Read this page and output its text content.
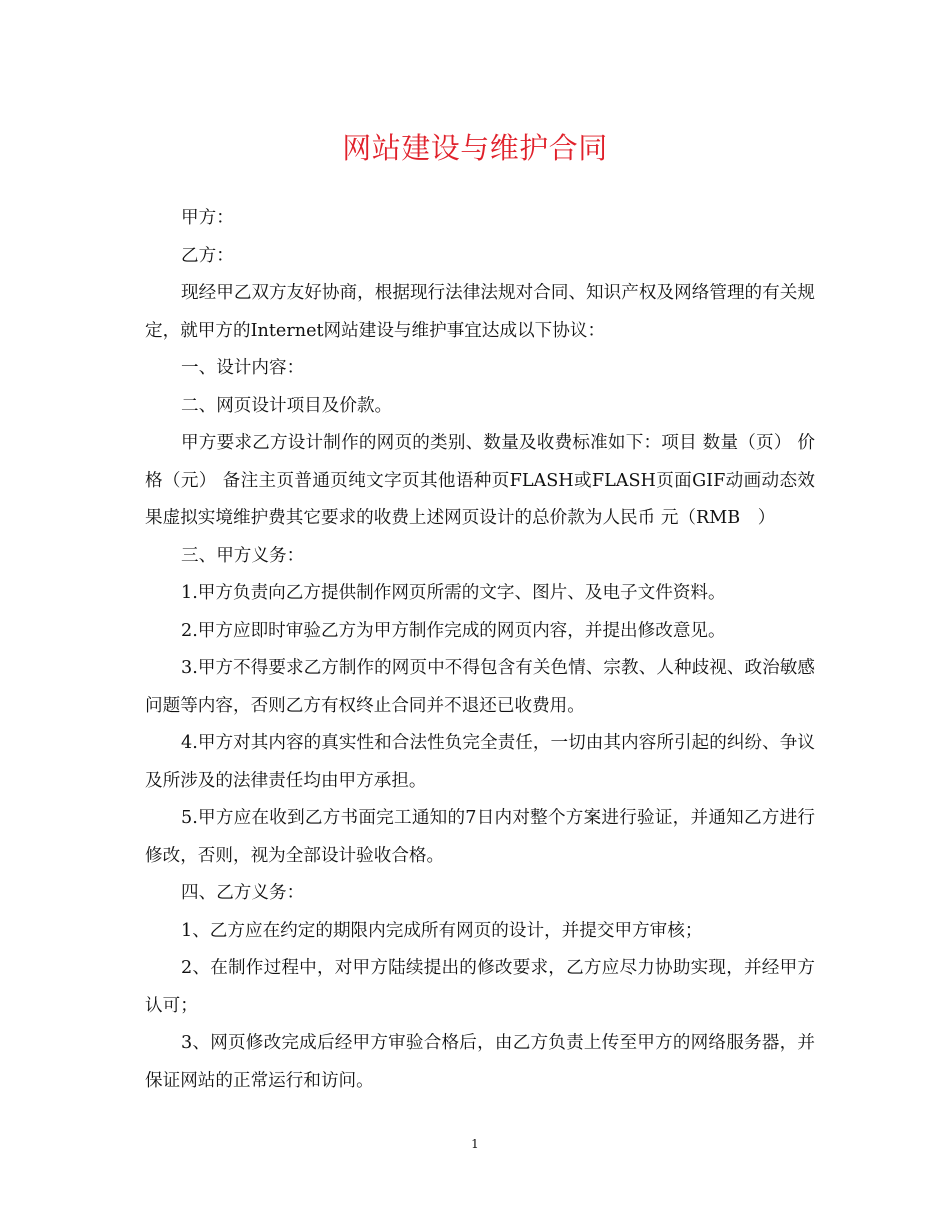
网站建设与维护合同

甲方：

乙方：

现经甲乙双方友好协商，根据现行法律法规对合同、知识产权及网络管理的有关规定，就甲方的Internet网站建设与维护事宜达成以下协议：

一、设计内容：

二、网页设计项目及价款。

甲方要求乙方设计制作的网页的类别、数量及收费标准如下：项目 数量（页） 价格（元） 备注主页普通页纯文字页其他语种页FLASH或FLASH页面GIF动画动态效果虚拟实境维护费其它要求的收费上述网页设计的总价款为人民币 元（RMB　）

三、甲方义务：

1.甲方负责向乙方提供制作网页所需的文字、图片、及电子文件资料。

2.甲方应即时审验乙方为甲方制作完成的网页内容，并提出修改意见。

3.甲方不得要求乙方制作的网页中不得包含有关色情、宗教、人种歧视、政治敏感问题等内容，否则乙方有权终止合同并不退还已收费用。

4.甲方对其内容的真实性和合法性负完全责任，一切由其内容所引起的纠纷、争议及所涉及的法律责任均由甲方承担。

5.甲方应在收到乙方书面完工通知的7日内对整个方案进行验证，并通知乙方进行修改，否则，视为全部设计验收合格。

四、乙方义务：

1、乙方应在约定的期限内完成所有网页的设计，并提交甲方审核；

2、在制作过程中，对甲方陆续提出的修改要求，乙方应尽力协助实现，并经甲方认可；

3、网页修改完成后经甲方审验合格后，由乙方负责上传至甲方的网络服务器，并保证网站的正常运行和访问。

1
